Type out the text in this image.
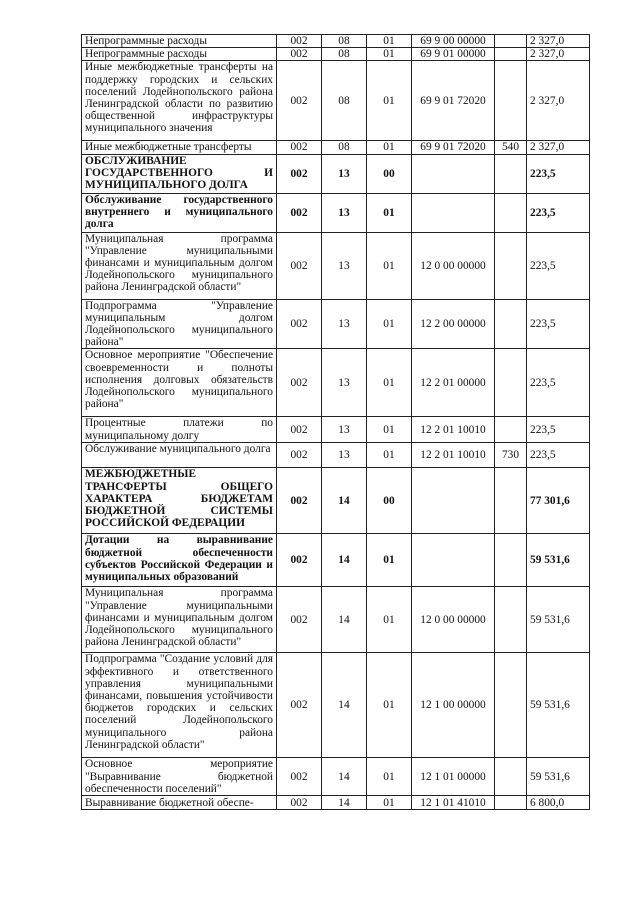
Непрограммные расходы	002	08	01	69 9 00 00000		2 327,0
Непрограммные расходы	002	08	01	69 9 01 00000		2 327,0
Иные межбюджетные трансферты на поддержку городских и сельских поселений Лодейнопольского района Ленинградской области по развитию общественной инфраструктуры муниципального значения	002	08	01	69 9 01 72020		2 327,0
Иные межбюджетные трансферты	002	08	01	69 9 01 72020	540	2 327,0
ОБСЛУЖИВАНИЕ ГОСУДАРСТВЕННОГО И МУНИЦИПАЛЬНОГО ДОЛГА	002	13	00			223,5
Обслуживание государственного внутреннего и муниципального долга	002	13	01			223,5
Муниципальная программа "Управление муниципальными финансами и муниципальным долгом Лодейнопольского муниципального района Ленинградской области"	002	13	01	12 0 00 00000		223,5
Подпрограмма "Управление муниципальным долгом Лодейнопольского муниципального района"	002	13	01	12 2 00 00000		223,5
Основное мероприятие "Обеспечение своевременности и полноты исполнения долговых обязательств Лодейнопольского муниципального района"	002	13	01	12 2 01 00000		223,5
Процентные платежи по муниципальному долгу	002	13	01	12 2 01 10010		223,5
Обслуживание муниципального долга	002	13	01	12 2 01 10010	730	223,5
МЕЖБЮДЖЕТНЫЕ ТРАНСФЕРТЫ ОБЩЕГО ХАРАКТЕРА БЮДЖЕТАМ БЮДЖЕТНОЙ СИСТЕМЫ РОССИЙСКОЙ ФЕДЕРАЦИИ	002	14	00			77 301,6
Дотации на выравнивание бюджетной обеспеченности субъектов Российской Федерации и муниципальных образований	002	14	01			59 531,6
Муниципальная программа "Управление муниципальными финансами и муниципальным долгом Лодейнопольского муниципального района Ленинградской области"	002	14	01	12 0 00 00000		59 531,6
Подпрограмма "Создание условий для эффективного и ответственного управления муниципальными финансами, повышения устойчивости бюджетов городских и сельских поселений Лодейнопольского муниципального района Ленинградской области"	002	14	01	12 1 00 00000		59 531,6
Основное мероприятие "Выравнивание бюджетной обеспеченности поселений"	002	14	01	12 1 01 00000		59 531,6
Выравнивание бюджетной обеспе-	002	14	01	12 1 01 41010		6 800,0
